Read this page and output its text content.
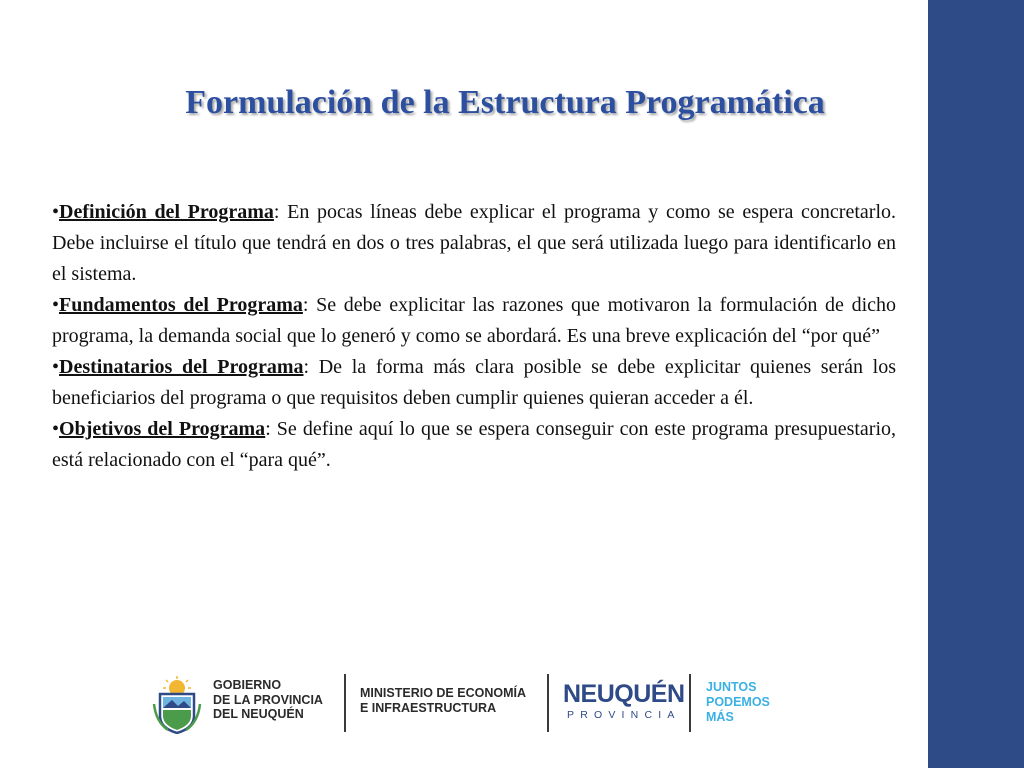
Formulación de la Estructura Programática

•Definición del Programa: En pocas líneas debe explicar el programa y como se espera concretarlo. Debe incluirse el título que tendrá en dos o tres palabras, el que será utilizada luego para identificarlo en el sistema.

•Fundamentos del Programa: Se debe explicitar las razones que motivaron la formulación de dicho programa, la demanda social que lo generó y como se abordará. Es una breve explicación del “por qué”

•Destinatarios del Programa: De la forma más clara posible se debe explicitar quienes serán los beneficiarios del programa o que requisitos deben cumplir quienes quieran acceder a él.

•Objetivos del Programa: Se define aquí lo que se espera conseguir con este programa presupuestario, está relacionado con el “para qué”.

GOBIERNO
DE LA PROVINCIA
DEL NEUQUÉN
MINISTERIO DE ECONOMÍA
E INFRAESTRUCTURA	NEUQUÉN
PROVINCIA
JUNTOS
PODEMOS
MÁS
